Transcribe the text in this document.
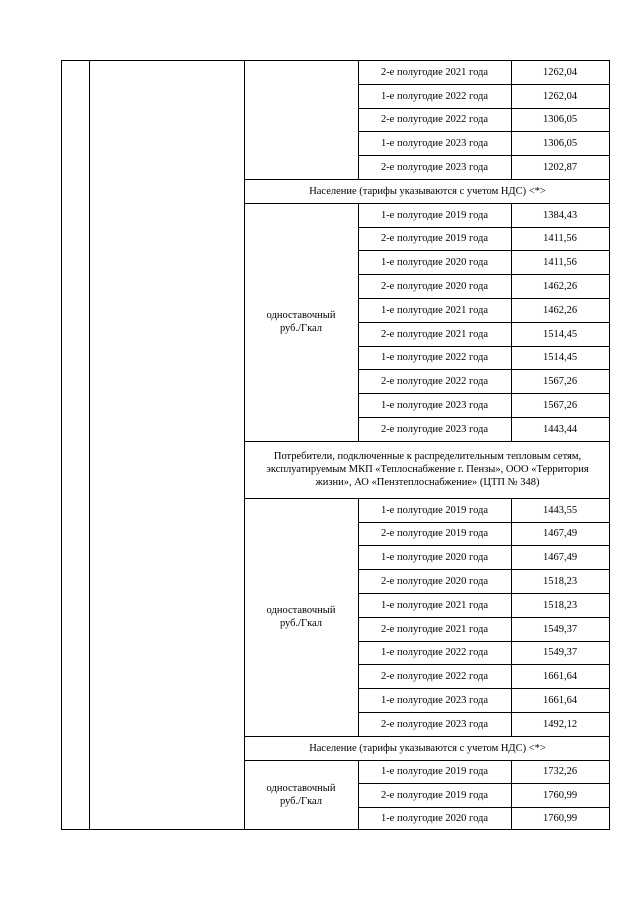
2-е полугодие 2021 года	1262,04
1-е полугодие 2022 года	1262,04
2-е полугодие 2022 года	1306,05
1-е полугодие 2023 года	1306,05
2-е полугодие 2023 года	1202,87
Население (тарифы указываются с учетом НДС) <*>
1-е полугодие 2019 года	1384,43
2-е полугодие 2019 года	1411,56
1-е полугодие 2020 года	1411,56
2-е полугодие 2020 года	1462,26
1-е полугодие 2021 года	1462,26
2-е полугодие 2021 года	1514,45
1-е полугодие 2022 года	1514,45
2-е полугодие 2022 года	1567,26
1-е полугодие 2023 года	1567,26
2-е полугодие 2023 года	1443,44
одноставочный руб./Гкал
Потребители, подключенные к распределительным тепловым сетям, эксплуатируемым МКП «Теплоснабжение г. Пензы», ООО «Территория жизни», АО «Пензтеплоснабжение» (ЦТП № 348)
1-е полугодие 2019 года	1443,55
2-е полугодие 2019 года	1467,49
1-е полугодие 2020 года	1467,49
2-е полугодие 2020 года	1518,23
1-е полугодие 2021 года	1518,23
2-е полугодие 2021 года	1549,37
1-е полугодие 2022 года	1549,37
2-е полугодие 2022 года	1661,64
1-е полугодие 2023 года	1661,64
2-е полугодие 2023 года	1492,12
одноставочный руб./Гкал
Население (тарифы указываются с учетом НДС) <*>
1-е полугодие 2019 года	1732,26
2-е полугодие 2019 года	1760,99
1-е полугодие 2020 года	1760,99
одноставочный руб./Гкал
